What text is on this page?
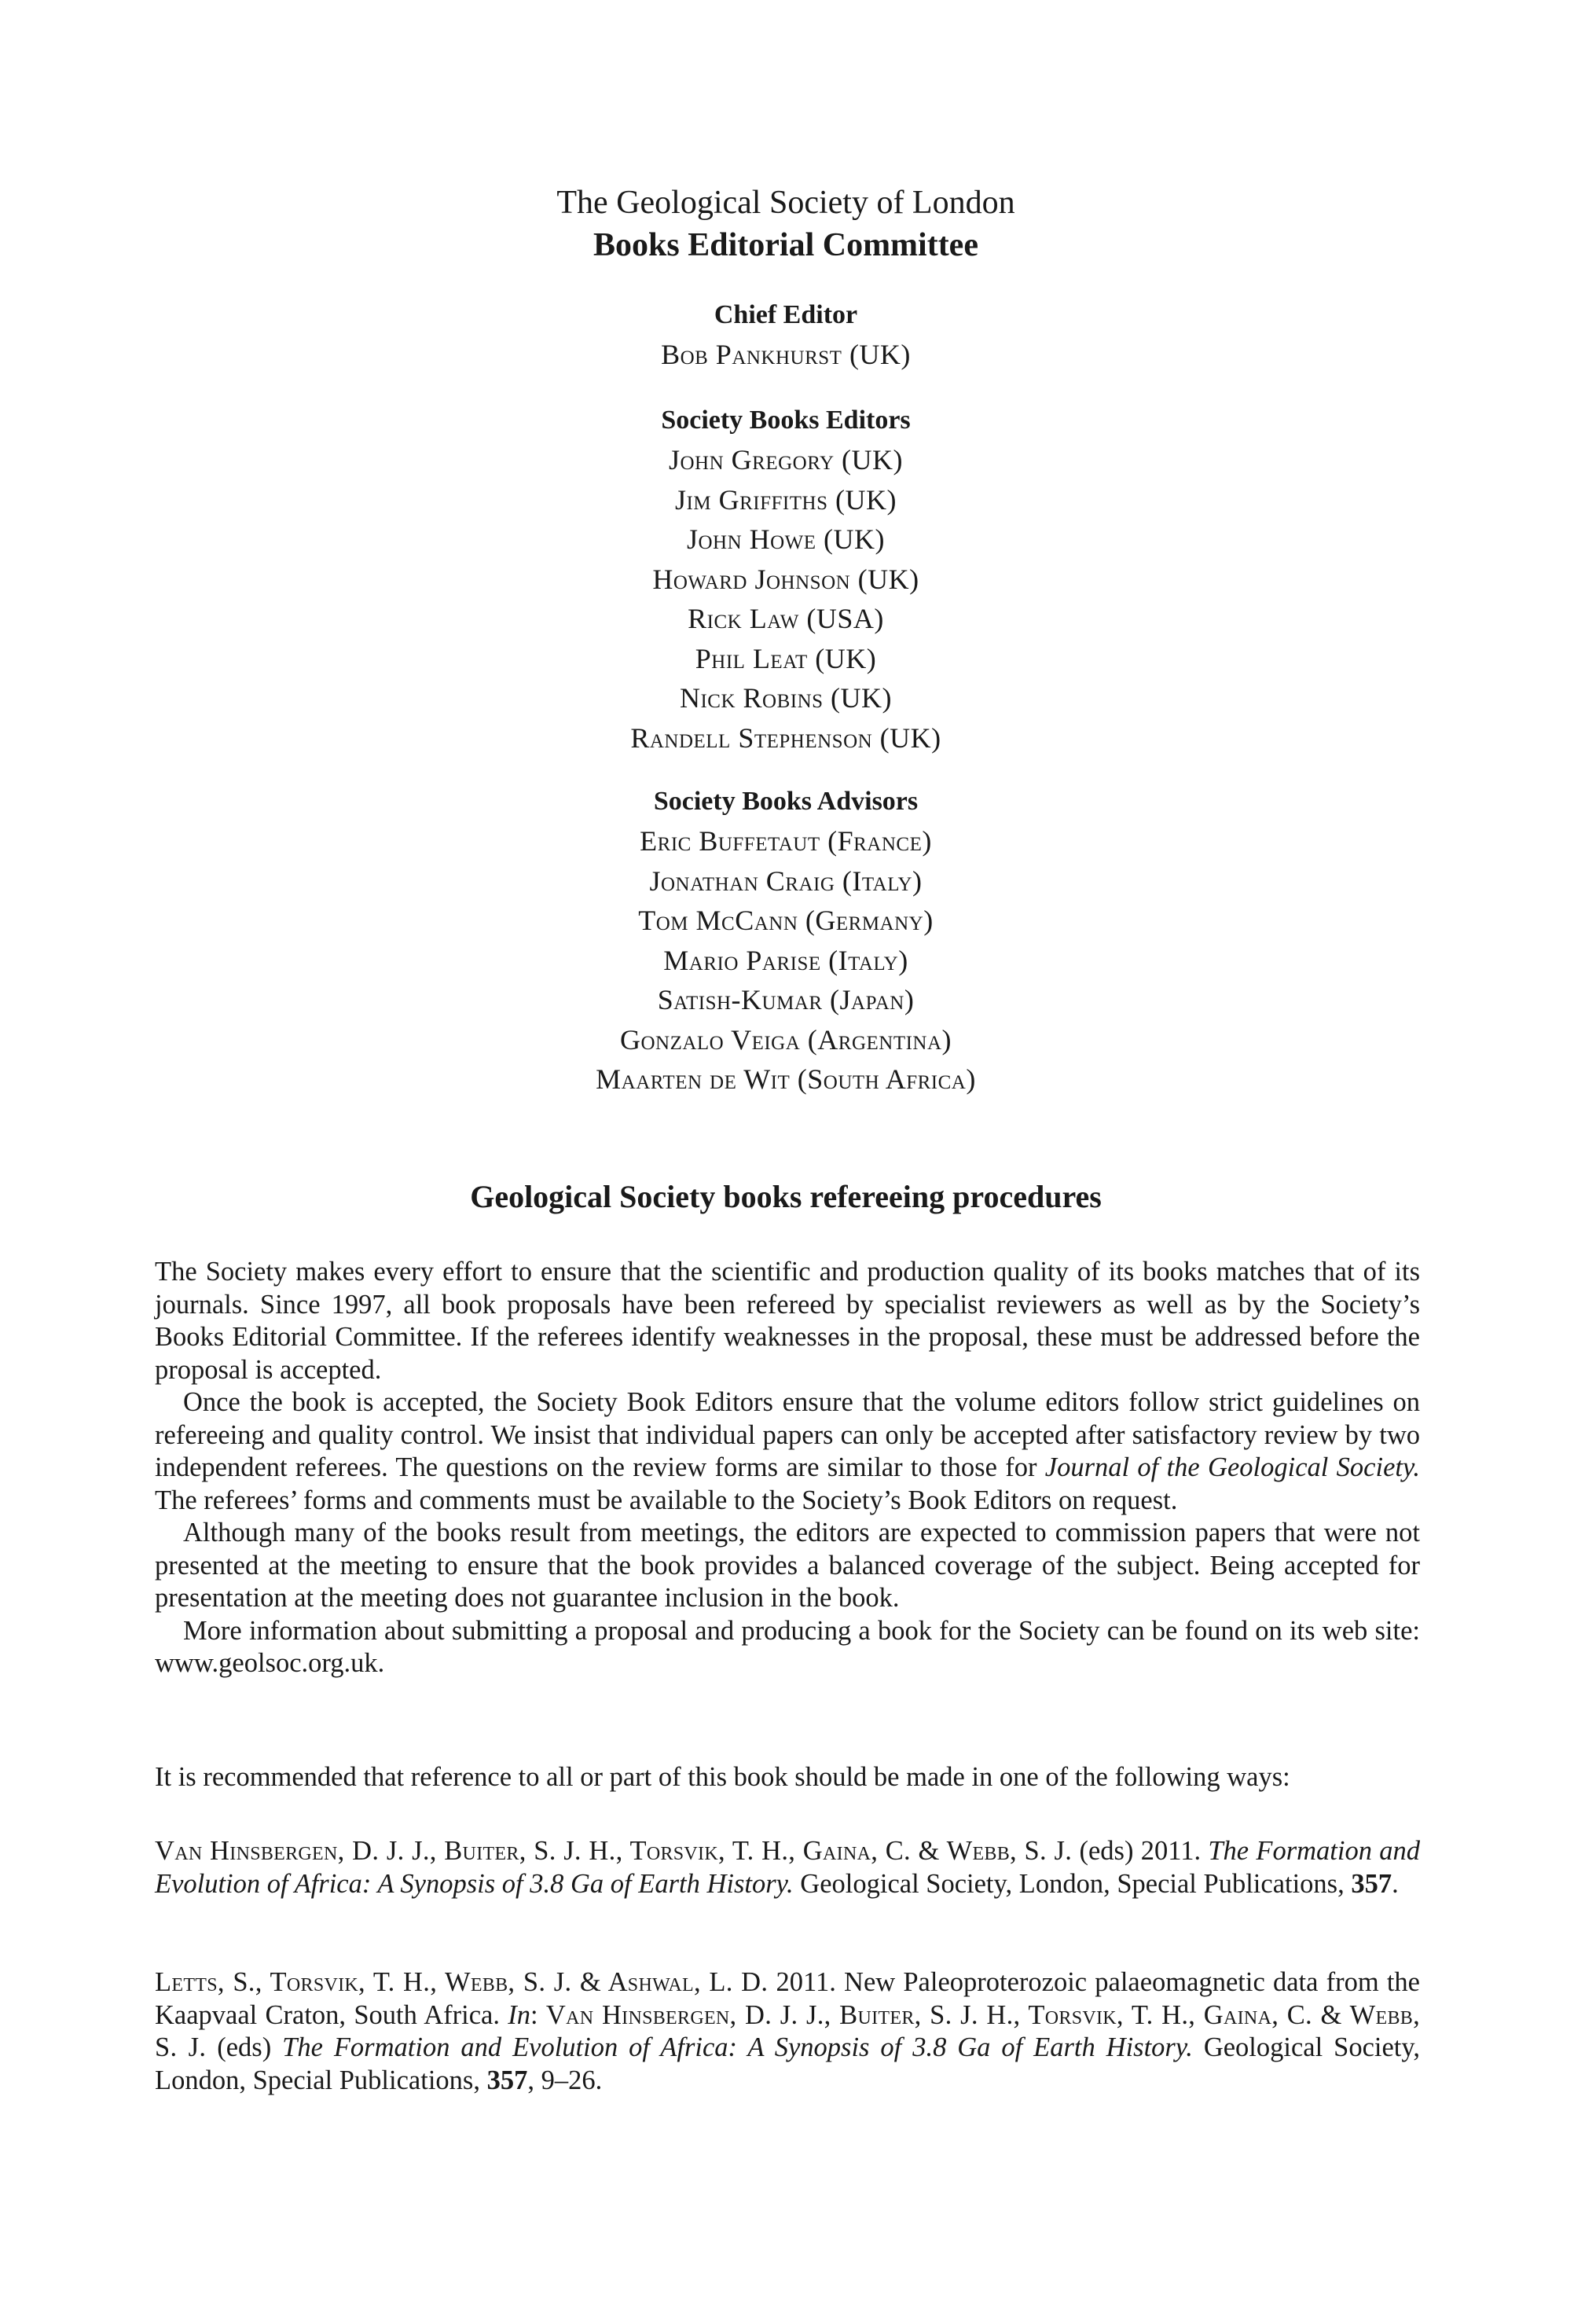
The Geological Society of London
Books Editorial Committee
Chief Editor
Bob Pankhurst (UK)
Society Books Editors
John Gregory (UK)
Jim Griffiths (UK)
John Howe (UK)
Howard Johnson (UK)
Rick Law (USA)
Phil Leat (UK)
Nick Robins (UK)
Randell Stephenson (UK)
Society Books Advisors
Eric Buffetaut (France)
Jonathan Craig (Italy)
Tom McCann (Germany)
Mario Parise (Italy)
Satish-Kumar (Japan)
Gonzalo Veiga (Argentina)
Maarten de Wit (South Africa)
Geological Society books refereeing procedures

The Society makes every effort to ensure that the scientific and production quality of its books matches that of its journals. Since 1997, all book proposals have been refereed by specialist reviewers as well as by the Society’s Books Editorial Committee. If the referees identify weaknesses in the proposal, these must be addressed before the proposal is accepted.

Once the book is accepted, the Society Book Editors ensure that the volume editors follow strict guidelines on refereeing and quality control. We insist that individual papers can only be accepted after satisfactory review by two independent referees. The questions on the review forms are similar to those for Journal of the Geological Society. The referees’ forms and comments must be available to the Society’s Book Editors on request.

Although many of the books result from meetings, the editors are expected to commission papers that were not presented at the meeting to ensure that the book provides a balanced coverage of the subject. Being accepted for presentation at the meeting does not guarantee inclusion in the book.

More information about submitting a proposal and producing a book for the Society can be found on its web site: www.geolsoc.org.uk.

It is recommended that reference to all or part of this book should be made in one of the following ways:
Van Hinsbergen, D. J. J., Buiter, S. J. H., Torsvik, T. H., Gaina, C. & Webb, S. J. (eds) 2011. The Formation and Evolution of Africa: A Synopsis of 3.8 Ga of Earth History. Geological Society, London, Special Publications, 357.
Letts, S., Torsvik, T. H., Webb, S. J. & Ashwal, L. D. 2011. New Paleoproterozoic palaeomagnetic data from the Kaapvaal Craton, South Africa. In: Van Hinsbergen, D. J. J., Buiter, S. J. H., Torsvik, T. H., Gaina, C. & Webb, S. J. (eds) The Formation and Evolution of Africa: A Synopsis of 3.8 Ga of Earth History. Geological Society, London, Special Publications, 357, 9–26.
